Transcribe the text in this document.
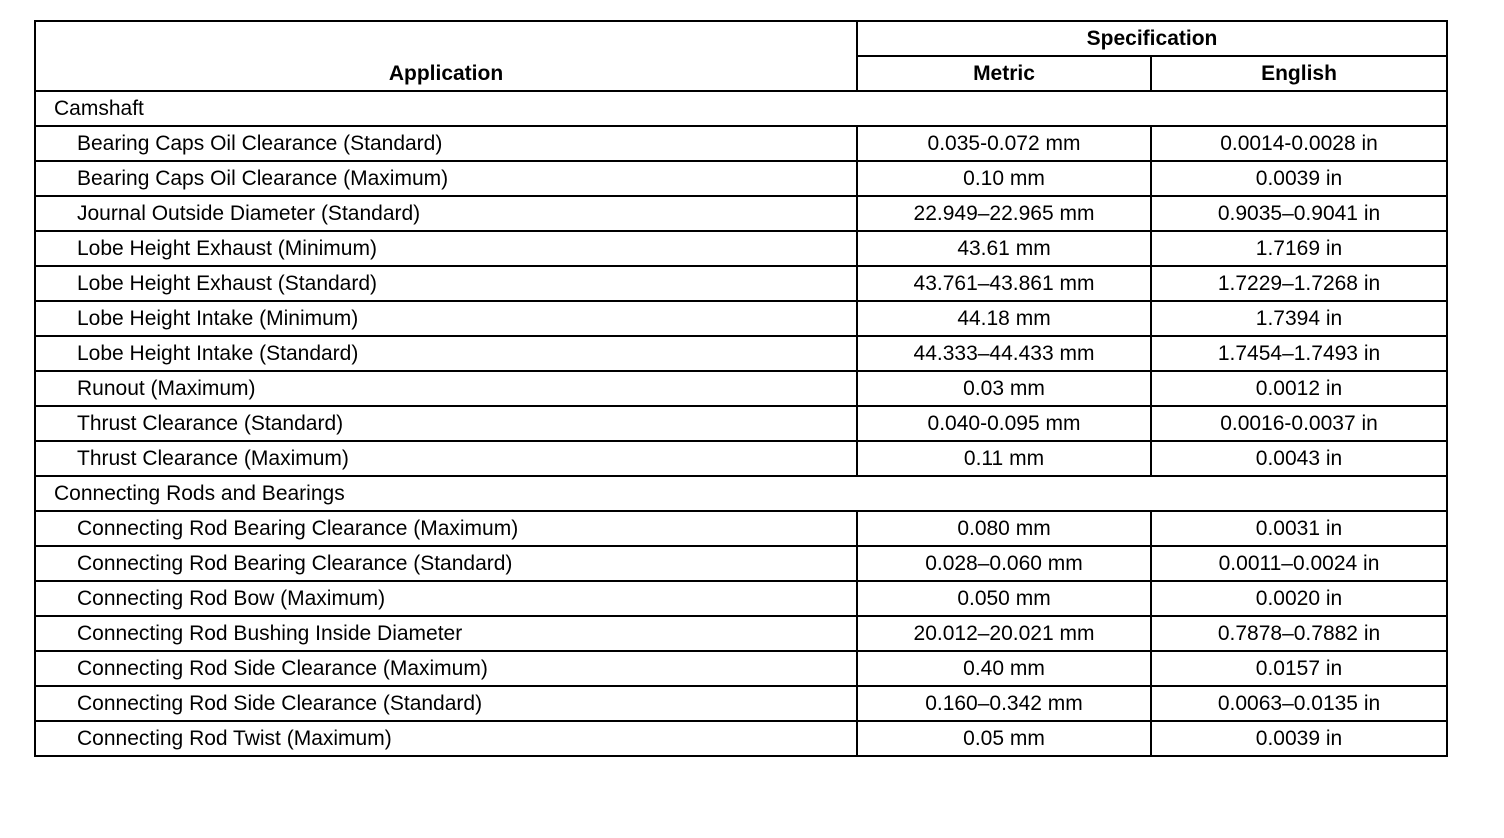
Application	Specification	
	Metric	English
Camshaft		
Bearing Caps Oil Clearance (Standard)	0.035-0.072 mm	0.0014-0.0028 in
Bearing Caps Oil Clearance (Maximum)	0.10 mm	0.0039 in
Journal Outside Diameter (Standard)	22.949–22.965 mm	0.9035–0.9041 in
Lobe Height Exhaust (Minimum)	43.61 mm	1.7169 in
Lobe Height Exhaust (Standard)	43.761–43.861 mm	1.7229–1.7268 in
Lobe Height Intake (Minimum)	44.18 mm	1.7394 in
Lobe Height Intake (Standard)	44.333–44.433 mm	1.7454–1.7493 in
Runout (Maximum)	0.03 mm	0.0012 in
Thrust Clearance (Standard)	0.040-0.095 mm	0.0016-0.0037 in
Thrust Clearance (Maximum)	0.11 mm	0.0043 in
Connecting Rods and Bearings		
Connecting Rod Bearing Clearance (Maximum)	0.080 mm	0.0031 in
Connecting Rod Bearing Clearance (Standard)	0.028–0.060 mm	0.0011–0.0024 in
Connecting Rod Bow (Maximum)	0.050 mm	0.0020 in
Connecting Rod Bushing Inside Diameter	20.012–20.021 mm	0.7878–0.7882 in
Connecting Rod Side Clearance (Maximum)	0.40 mm	0.0157 in
Connecting Rod Side Clearance (Standard)	0.160–0.342 mm	0.0063–0.0135 in
Connecting Rod Twist (Maximum)	0.05 mm	0.0039 in
